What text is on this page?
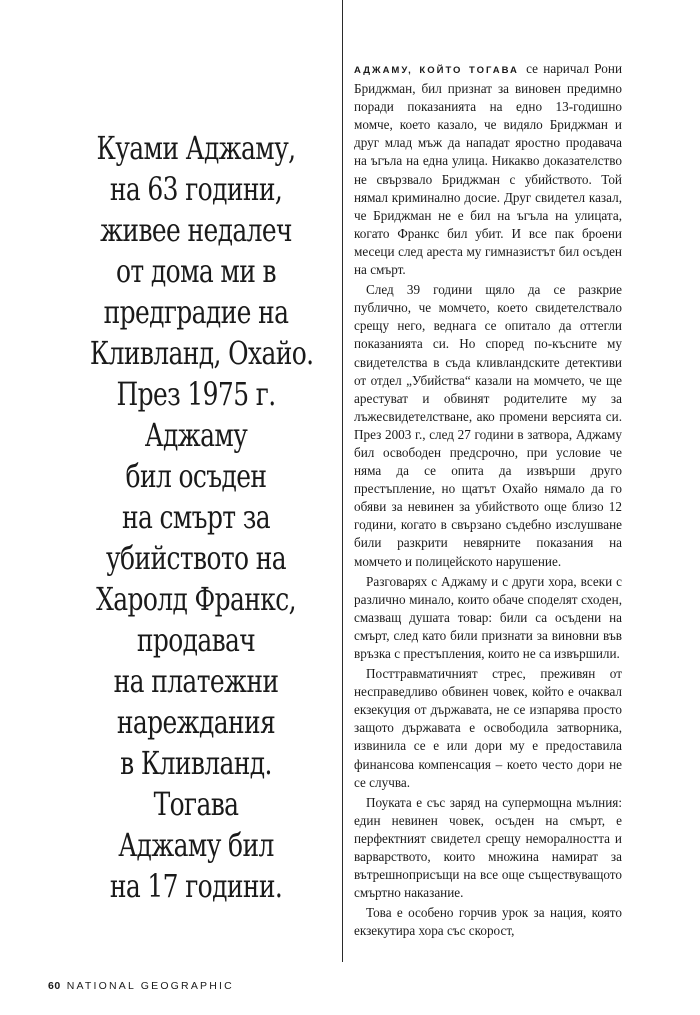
Куами Аджаму,
на 63 години,
живее недалеч
от дома ми в
предградие на
Кливланд, Охайо.
През 1975 г.
Аджаму
бил осъден
на смърт за
убийството на
Харолд Франкс,
продавач
на платежни
нареждания
в Кливланд.
Тогава
Аджаму бил
на 17 години.

АДЖАМУ, КОЙТО ТОГАВА се наричал Рони Бриджман, бил признат за виновен предимно поради показанията на едно 13-годишно момче, което казало, че видяло Бриджман и друг млад мъж да нападат яростно продавача на ъгъла на една улица. Никакво доказателство не свързвало Бриджман с убийството. Той нямал криминално досие. Друг свидетел казал, че Бриджман не е бил на ъгъла на улицата, когато Франкс бил убит. И все пак броени месеци след ареста му гимназистът бил осъден на смърт.

След 39 години щяло да се разкрие публично, че момчето, което свидетелствало срещу него, веднага се опитало да оттегли показанията си. Но според по-късните му свидетелства в съда кливландските детективи от отдел „Убийства“ казали на момчето, че ще арестуват и обвинят родителите му за лъжесвидетелстване, ако промени версията си. През 2003 г., след 27 години в затвора, Аджаму бил освободен предсрочно, при условие че няма да се опита да извърши друго престъпление, но щатът Охайо нямало да го обяви за невинен за убийството още близо 12 години, когато в свързано съдебно изслушване били разкрити невярните показания на момчето и полицейското нарушение.

Разговарях с Аджаму и с други хора, всеки с различно минало, които обаче споделят сходен, смазващ душата товар: били са осъдени на смърт, след като били признати за виновни във връзка с престъпления, които не са извършили.

Посттравматичният стрес, преживян от несправедливо обвинен човек, който е очаквал екзекуция от държавата, не се изпарява просто защото държавата е освободила затворника, извинила се е или дори му е предоставила финансова компенсация – което често дори не се случва.

Поуката е със заряд на супермощна мълния: един невинен човек, осъден на смърт, е перфектният свидетел срещу неморалността и варварството, които множина намират за вътрешноприсъщи на все още съществуващото смъртно наказание.

Това е особено горчив урок за нация, която екзекутира хора със скорост,

60 NATIONAL GEOGRAPHIC
